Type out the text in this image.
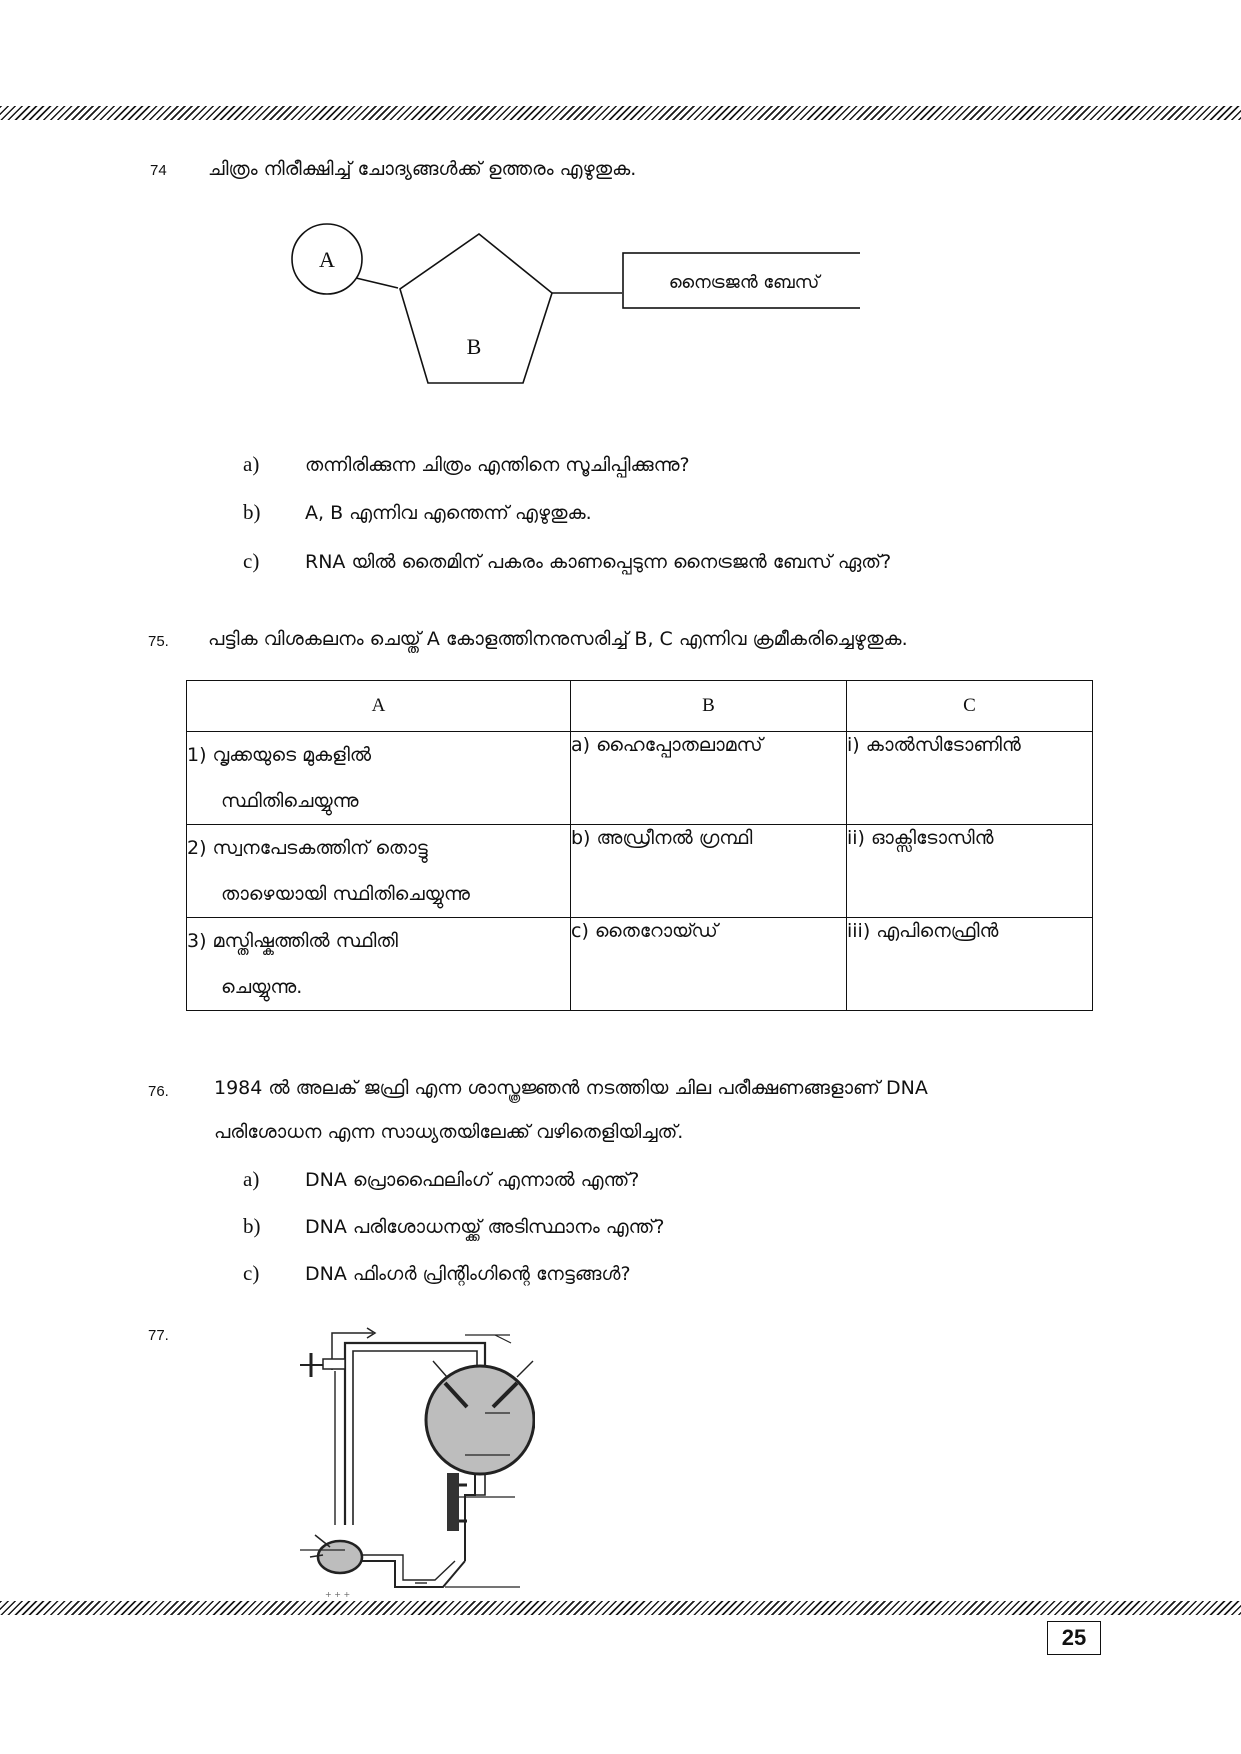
74 ചിത്രം നിരീക്ഷിച്ച് ചോദ്യങ്ങൾക്ക് ഉത്തരം എഴുതുക.
A
B
നൈട്രജൻ ബേസ്
a) തന്നിരിക്കുന്ന ചിത്രം എന്തിനെ സൂചിപ്പിക്കുന്നു?
b) A, B എന്നിവ എന്തെന്ന് എഴുതുക.
c) RNA യിൽ തൈമിന് പകരം കാണപ്പെടുന്ന നൈട്രജൻ ബേസ് ഏത്?
75. പട്ടിക വിശകലനം ചെയ്ത് A കോളത്തിനനുസരിച്ച് B, C എന്നിവ ക്രമീകരിച്ചെഴുതുക.
A	B	C

1) വൃക്കയുടെ മുകളിൽ
സ്ഥിതിചെയ്യുന്നു	a) ഹൈപ്പോതലാമസ്	i) കാൽസിടോണിൻ

2) സ്വനപേടകത്തിന് തൊട്ടു
താഴെയായി സ്ഥിതിചെയ്യുന്നു	b) അഡ്രീനൽ ഗ്രന്ഥി	ii) ഓക്സിടോസിൻ

3) മസ്തിഷ്കത്തിൽ സ്ഥിതി
ചെയ്യുന്നു.	c) തൈറോയ്ഡ്	iii) എപിനെഫ്രിൻ
76. 1984 ൽ അലക് ജഫ്രി എന്ന ശാസ്ത്രജ്ഞൻ നടത്തിയ ചില പരീക്ഷണങ്ങളാണ് DNA
പരിശോധന എന്ന സാധ്യതയിലേക്ക് വഴിതെളിയിച്ചത്.
a) DNA പ്രൊഫൈലിംഗ് എന്നാൽ എന്ത്?
b) DNA പരിശോധനയ്ക്ക് അടിസ്ഥാനം എന്ത്?
c) DNA ഫിംഗർ പ്രിന്റിംഗിന്റെ നേട്ടങ്ങൾ?
77.
+ + +
25
